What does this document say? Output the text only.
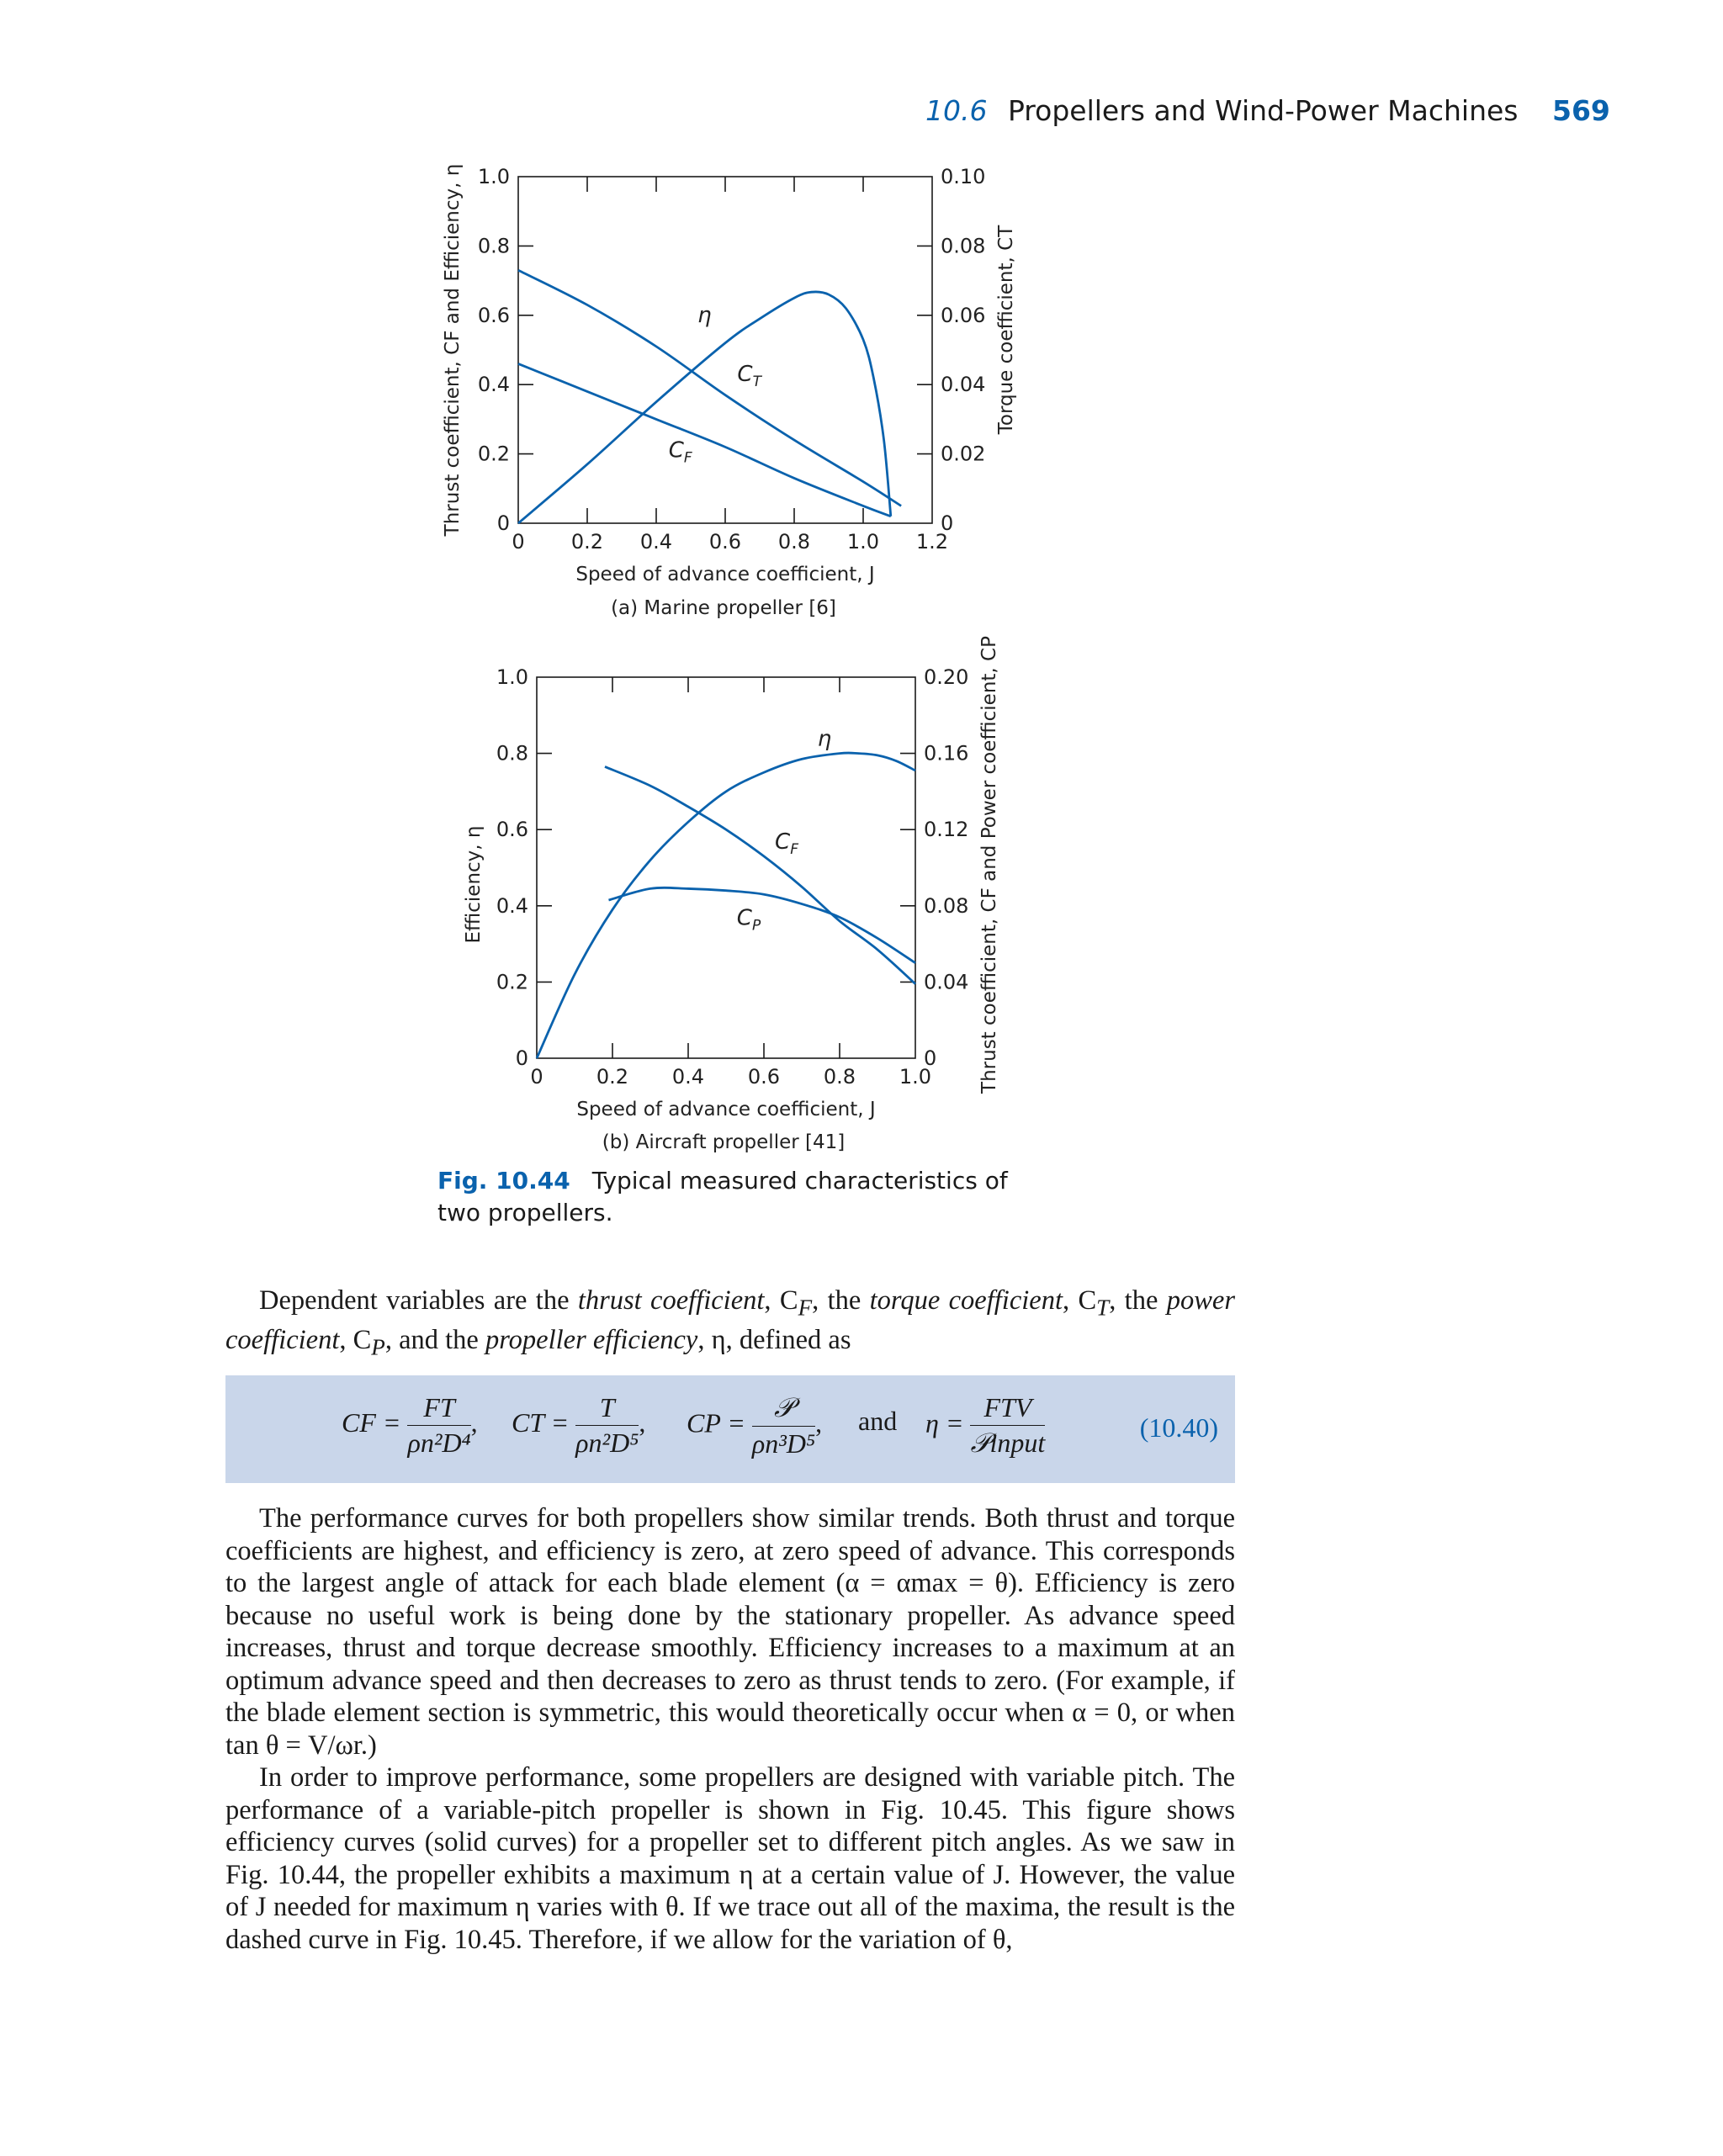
10.6 Propellers and Wind-Power Machines 569
0 0.2 0.4 0.6 0.8 1.0 1.2
0
0.2
0.4
0.6
0.8
1.0
0
0.02
0.04
0.06
0.08
0.10
Speed of advance coefficient, J
Thrust coefficient, CF and Efficiency, η	Torque coefficient, CT
η
$C_T$
$C_F$
(a) Marine propeller [6]
0	0.2 0.4 0.6 0.8 1.0
0
0.2
0.4
0.6
0.8
1.0
0
0.04
0.08
0.12
0.16
0.20
Speed of advance coefficient, J
Efficiency, η	Thrust coefficient, CF and Power coefficient, CP
η
$C_F$
$C_P$
(b) Aircraft propeller [41]
Fig. 10.44 Typical measured characteristics of two propellers.

Dependent variables are the thrust coefficient, $C_F$, the torque coefficient, $C_T$, the power coefficient, $C_P$, and the propeller efficiency, η, defined as

CF = $\frac{FT}{\text{ρn²D⁴}}$ , CT = $\frac{T}{\text{ρn²D⁵}}$ , CP = $\frac{\text{𝒫}}{\text{ρn³D⁵}}$ , and $\eta = \frac{\text{FTV}}{\text{𝒫input}}$	(10.40)

The performance curves for both propellers show similar trends. Both thrust and torque coefficients are highest, and efficiency is zero, at zero speed of advance. This corresponds to the largest angle of attack for each blade element (α = αmax = θ). Efficiency is zero because no useful work is being done by the stationary propeller. As advance speed increases, thrust and torque decrease smoothly. Efficiency increases to a maximum at an optimum advance speed and then decreases to zero as thrust tends to zero. (For example, if the blade element section is symmetric, this would theoretically occur when α = 0, or when tan θ = V/ωr.)

In order to improve performance, some propellers are designed with variable pitch. The performance of a variable-pitch propeller is shown in Fig. 10.45. This figure shows efficiency curves (solid curves) for a propeller set to different pitch angles. As we saw in Fig. 10.44, the propeller exhibits a maximum η at a certain value of J. However, the value of J needed for maximum η varies with θ. If we trace out all of the maxima, the result is the dashed curve in Fig. 10.45. Therefore, if we allow for the variation of θ,
